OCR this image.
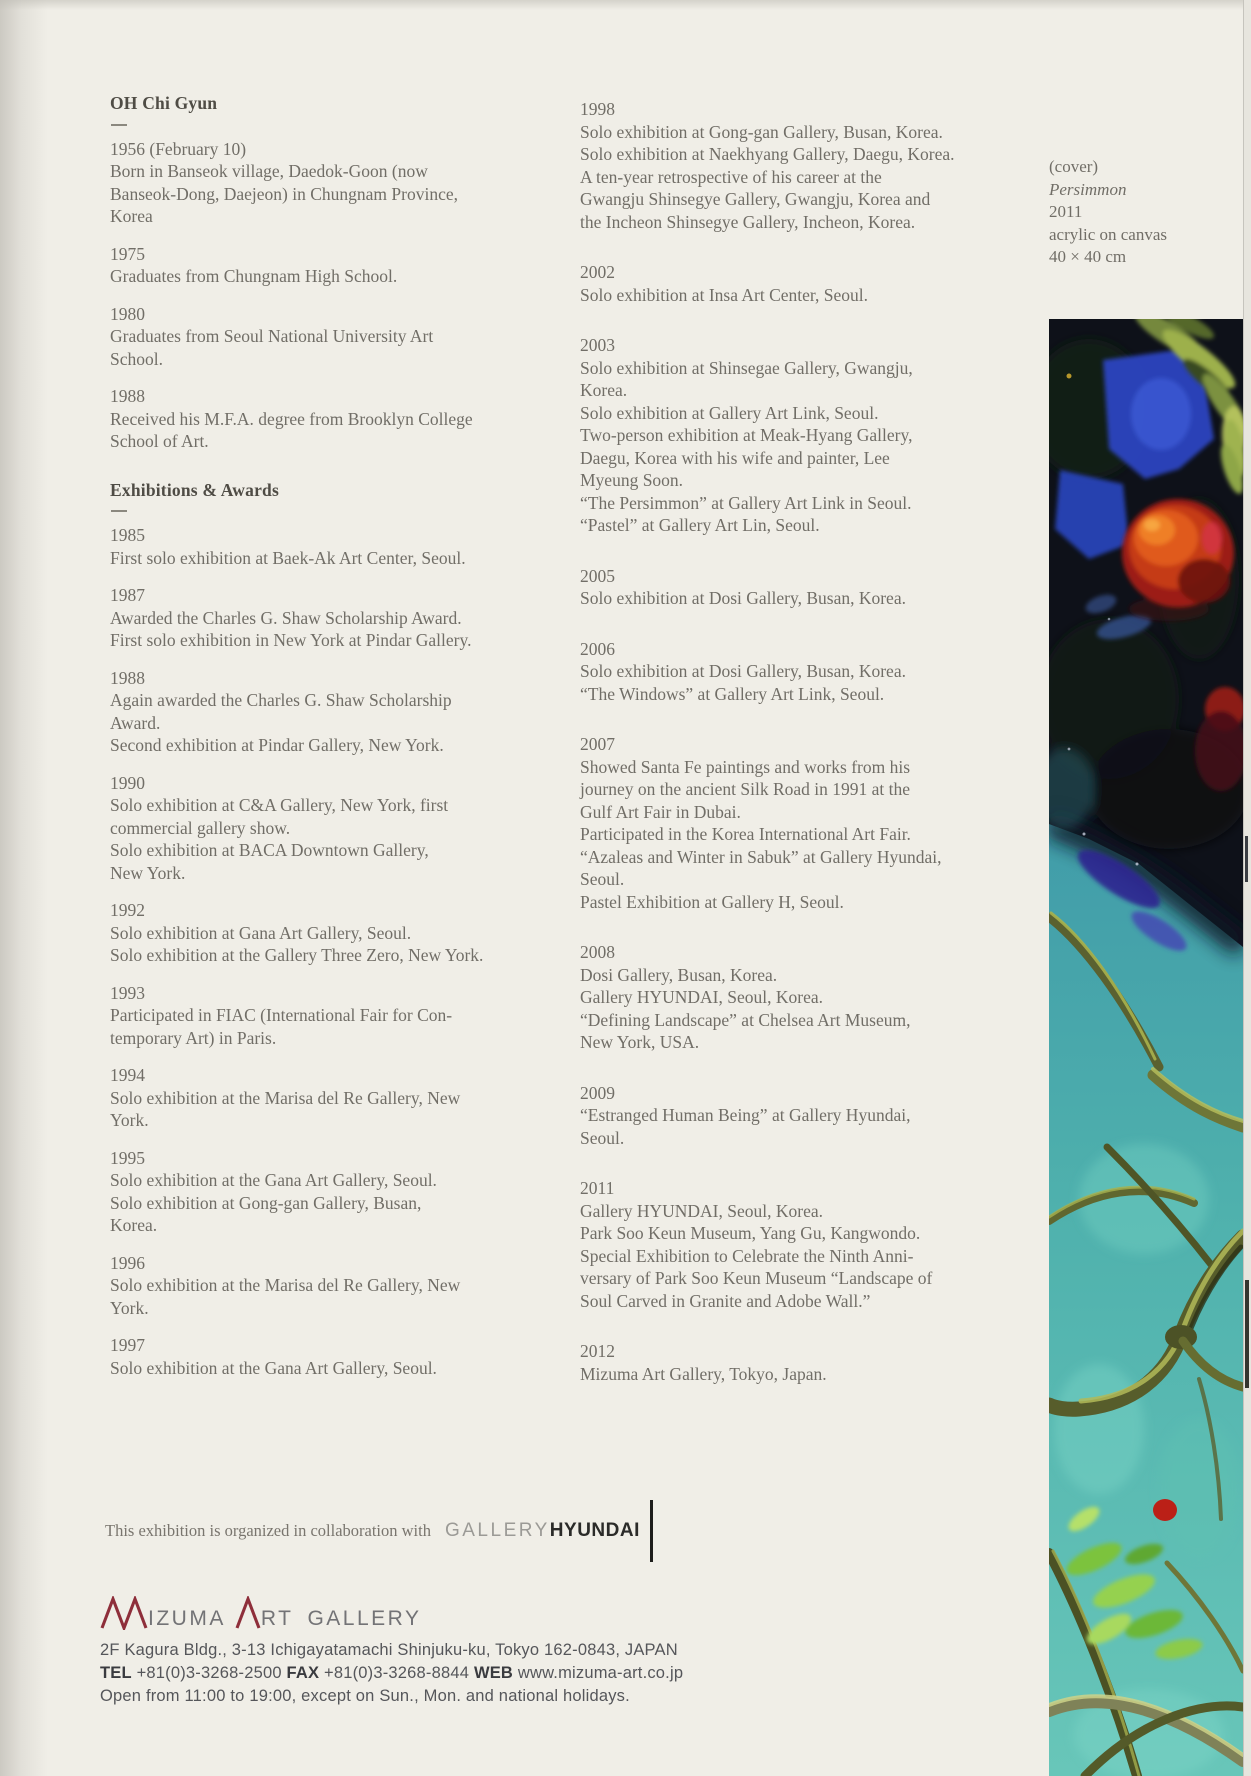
OH Chi Gyun
1956 (February 10)
Born in Banseok village, Daedok-Goon (now
Banseok-Dong, Daejeon) in Chungnam Province,
Korea
1975
Graduates from Chungnam High School.
1980
Graduates from Seoul National University Art
School.
1988
Received his M.F.A. degree from Brooklyn College
School of Art.
Exhibitions & Awards
1985
First solo exhibition at Baek-Ak Art Center, Seoul.
1987
Awarded the Charles G. Shaw Scholarship Award.
First solo exhibition in New York at Pindar Gallery.
1988
Again awarded the Charles G. Shaw Scholarship
Award.
Second exhibition at Pindar Gallery, New York.
1990
Solo exhibition at C&A Gallery, New York, first
commercial gallery show.
Solo exhibition at BACA Downtown Gallery,
New York.
1992
Solo exhibition at Gana Art Gallery, Seoul.
Solo exhibition at the Gallery Three Zero, New York.
1993
Participated in FIAC (International Fair for Con-
temporary Art) in Paris.
1994
Solo exhibition at the Marisa del Re Gallery, New
York.
1995
Solo exhibition at the Gana Art Gallery, Seoul.
Solo exhibition at Gong-gan Gallery, Busan,
Korea.
1996
Solo exhibition at the Marisa del Re Gallery, New
York.
1997
Solo exhibition at the Gana Art Gallery, Seoul.
1998
Solo exhibition at Gong-gan Gallery, Busan, Korea.
Solo exhibition at Naekhyang Gallery, Daegu, Korea.
A ten-year retrospective of his career at the
Gwangju Shinsegye Gallery, Gwangju, Korea and
the Incheon Shinsegye Gallery, Incheon, Korea.
2002
Solo exhibition at Insa Art Center, Seoul.
2003
Solo exhibition at Shinsegae Gallery, Gwangju,
Korea.
Solo exhibition at Gallery Art Link, Seoul.
Two-person exhibition at Meak-Hyang Gallery,
Daegu, Korea with his wife and painter, Lee
Myeung Soon.
“The Persimmon” at Gallery Art Link in Seoul.
“Pastel” at Gallery Art Lin, Seoul.
2005
Solo exhibition at Dosi Gallery, Busan, Korea.
2006
Solo exhibition at Dosi Gallery, Busan, Korea.
“The Windows” at Gallery Art Link, Seoul.
2007
Showed Santa Fe paintings and works from his
journey on the ancient Silk Road in 1991 at the
Gulf Art Fair in Dubai.
Participated in the Korea International Art Fair.
“Azaleas and Winter in Sabuk” at Gallery Hyundai,
Seoul.
Pastel Exhibition at Gallery H, Seoul.
2008
Dosi Gallery, Busan, Korea.
Gallery HYUNDAI, Seoul, Korea.
“Defining Landscape” at Chelsea Art Museum,
New York, USA.
2009
“Estranged Human Being” at Gallery Hyundai,
Seoul.
2011
Gallery HYUNDAI, Seoul, Korea.
Park Soo Keun Museum, Yang Gu, Kangwondo.
Special Exhibition to Celebrate the Ninth Anni-
versary of Park Soo Keun Museum “Landscape of
Soul Carved in Granite and Adobe Wall.”
2012
Mizuma Art Gallery, Tokyo, Japan.
(cover)
Persimmon
2011
acrylic on canvas
40 × 40 cm
This exhibition is organized in collaboration with GALLERY HYUNDAI
IZUMA RT GALLERY
2F Kagura Bldg., 3-13 Ichigayatamachi Shinjuku-ku, Tokyo 162-0843, JAPAN
TEL +81(0)3-3268-2500 FAX +81(0)3-3268-8844 WEB www.mizuma-art.co.jp
Open from 11:00 to 19:00, except on Sun., Mon. and national holidays.
